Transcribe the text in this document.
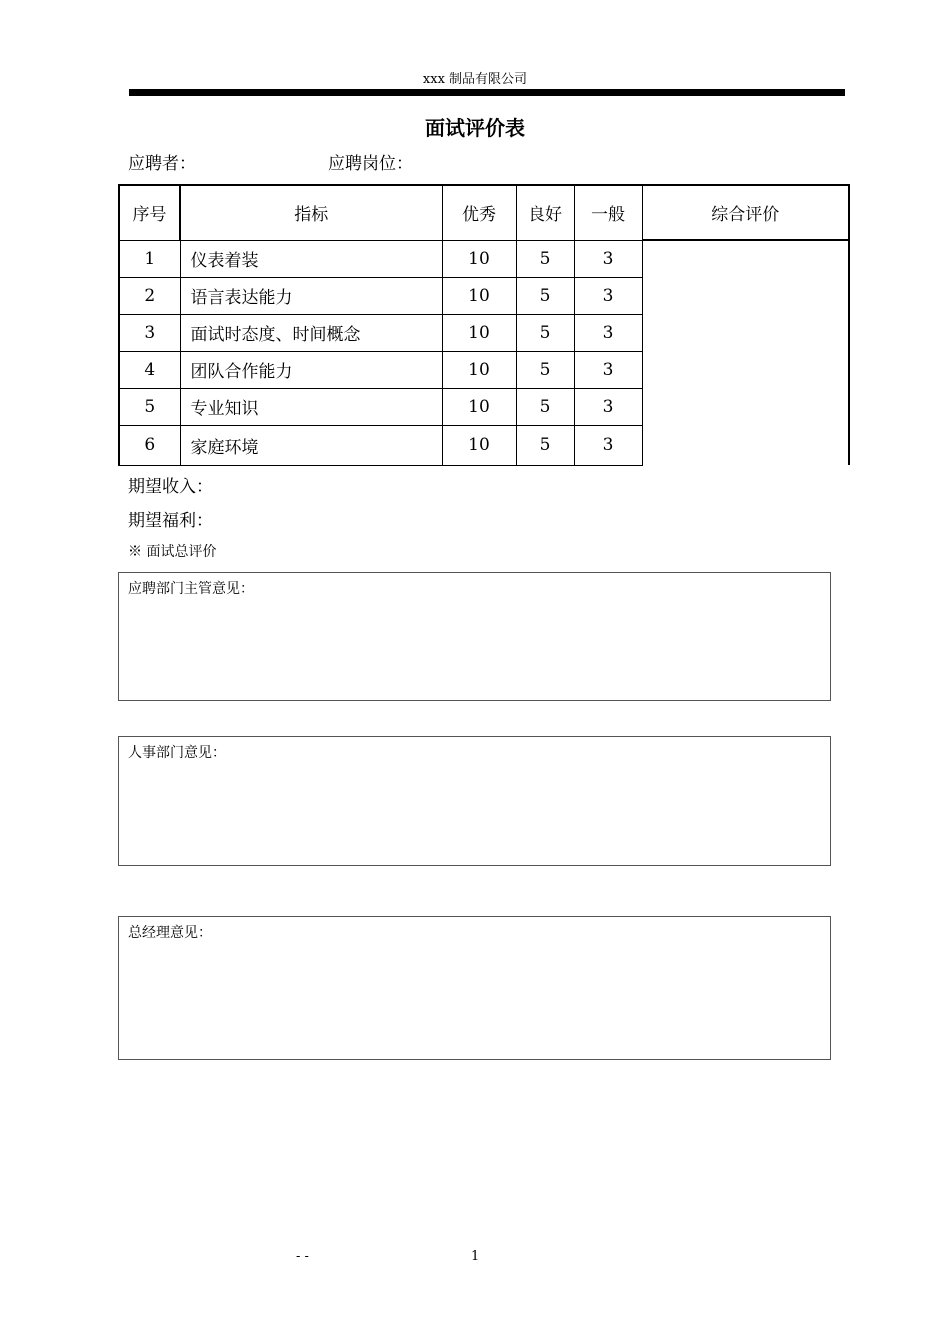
xxx 制品有限公司
面试评价表
应聘者：	应聘岗位：
序号	指标	优秀	良好	一般	综合评价
1	仪表着装	10	5	3	
2	语言表达能力	10	5	3	
3	面试时态度、时间概念	10	5	3	
4	团队合作能力	10	5	3	
5	专业知识	10	5	3	
6	家庭环境	10	5	3	
期望收入：
期望福利：
※ 面试总评价
应聘部门主管意见：
人事部门意见：
总经理意见：
- -	1
